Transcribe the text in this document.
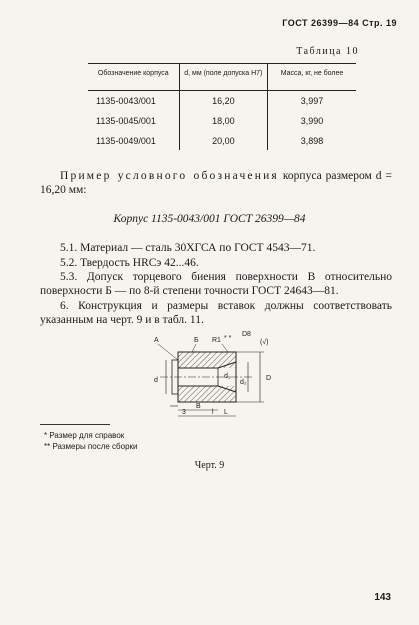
ГОСТ 26399—84 Стр. 19
Таблица 10
Обозначение корпуса	d, мм (поле допуска H7)	Масса, кг, не более
1135-0043/001	16,20	3,997
1135-0045/001	18,00	3,990
1135-0049/001	20,00	3,898
Пример условного обозначения корпуса размером d = 16,20 мм:
Корпус 1135-0043/001 ГОСТ 26399—84
5.1. Материал — сталь 30ХГСА по ГОСТ 4543—71.
5.2. Твердость HRCэ 42...46.
5.3. Допуск торцевого биения поверхности В относительно поверхности Б — по 8-й степени точности ГОСТ 24643—81.
6. Конструкция и размеры вставок должны соответствовать указанным на черт. 9 и в табл. 11.
A	Б R1 * *
D8
(√)
d
d₁
d₂
D
3
B
l L
* Размер для справок
** Размеры после сборки
Черт. 9
143
